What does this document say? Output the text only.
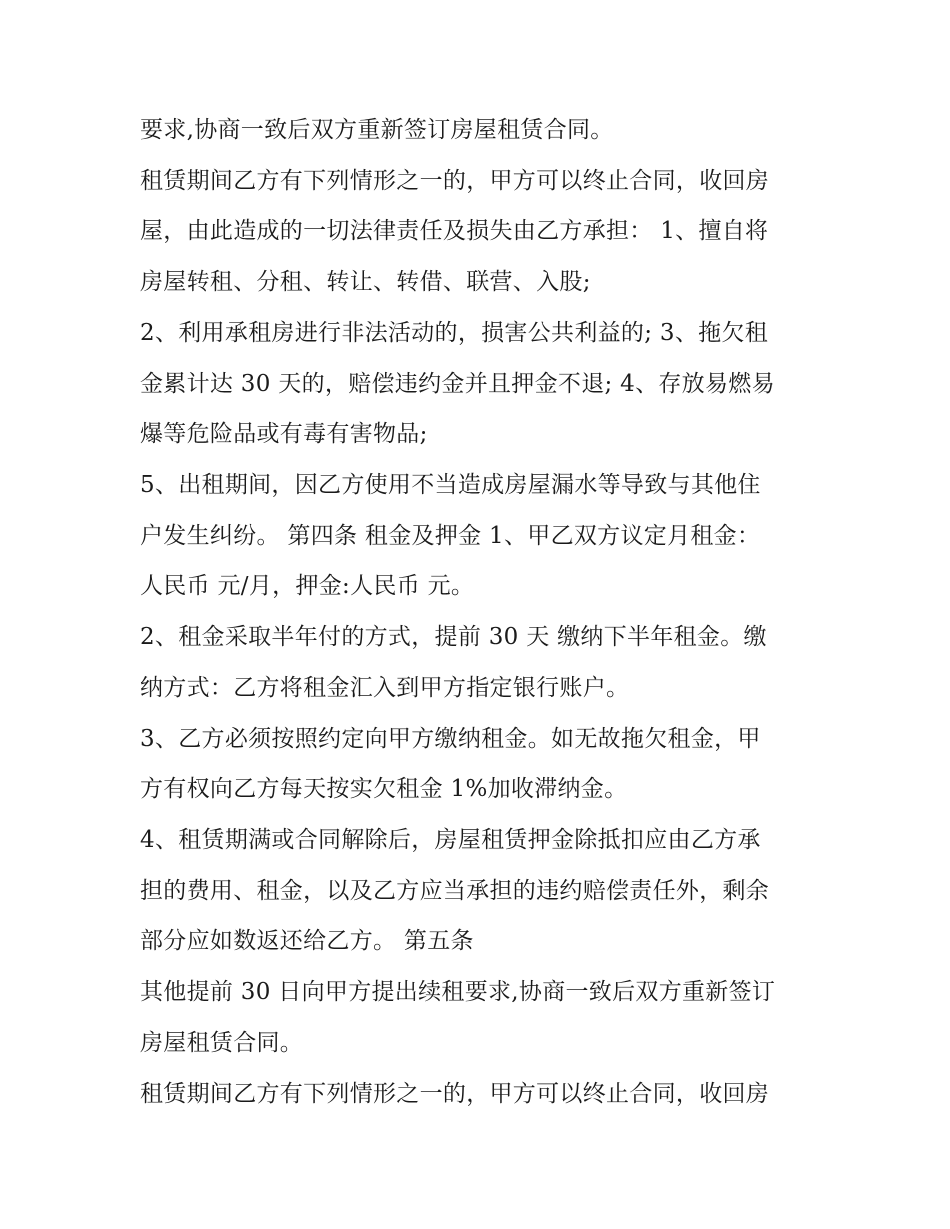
要求,协商一致后双方重新签订房屋租赁合同。

租赁期间乙方有下列情形之一的，甲方可以终止合同，收回房

屋，由此造成的一切法律责任及损失由乙方承担： 1、擅自将

房屋转租、分租、转让、转借、联营、入股;

2、利用承租房进行非法活动的，损害公共利益的; 3、拖欠租

金累计达 30 天的，赔偿违约金并且押金不退; 4、存放易燃易

爆等危险品或有毒有害物品;

5、出租期间，因乙方使用不当造成房屋漏水等导致与其他住

户发生纠纷。 第四条 租金及押金 1、甲乙双方议定月租金：

人民币 元/月，押金:人民币 元。

2、租金采取半年付的方式，提前 30 天 缴纳下半年租金。缴

纳方式：乙方将租金汇入到甲方指定银行账户。

3、乙方必须按照约定向甲方缴纳租金。如无故拖欠租金，甲

方有权向乙方每天按实欠租金 1%加收滞纳金。

4、租赁期满或合同解除后，房屋租赁押金除抵扣应由乙方承

担的费用、租金，以及乙方应当承担的违约赔偿责任外，剩余

部分应如数返还给乙方。 第五条

其他提前 30 日向甲方提出续租要求,协商一致后双方重新签订

房屋租赁合同。

租赁期间乙方有下列情形之一的，甲方可以终止合同，收回房
